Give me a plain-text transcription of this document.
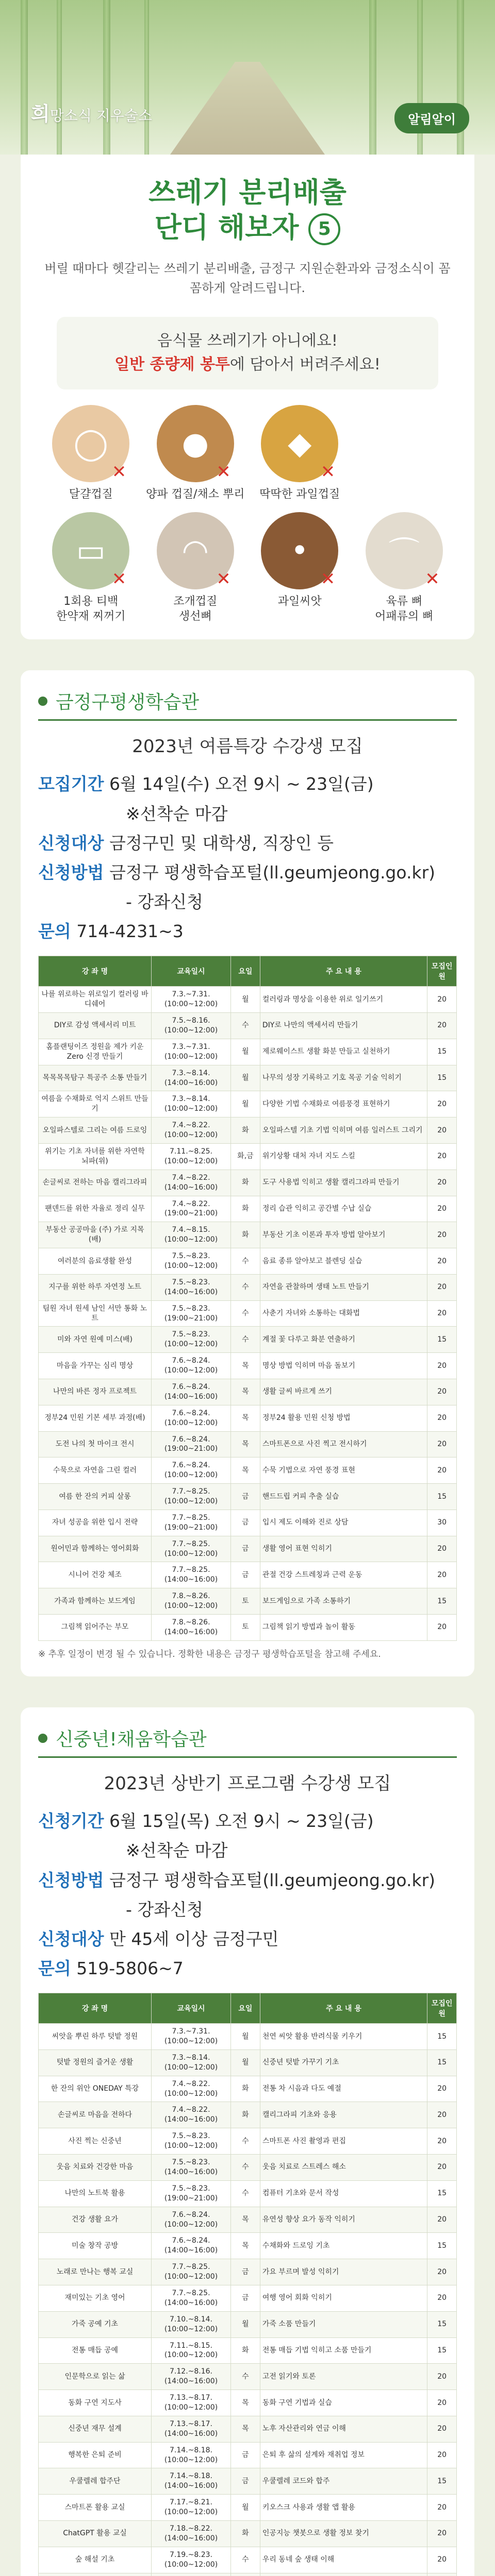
희망소식 지우술소	알림알이
쓰레기 분리배출
단디 해보자 5

버릴 때마다 헷갈리는 쓰레기 분리배출, 금정구 지원순환과와 금정소식이 꼼꼼하게 알려드립니다.

음식물 쓰레기가 아니에요!

일반 종량제 봉투에 담아서 버려주세요!

◯ ✕
달걀껍질
● ✕
양파 껍질/채소 뿌리
◆ ✕
딱딱한 과일껍질
▭ ✕
1회용 티백
한약재 찌꺼기
◠ ✕
조개껍질
생선뼈
• ✕
과일씨앗
⌒ ✕
육류 뼈
어패류의 뼈
금정구평생학습관
2023년 여름특강 수강생 모집

모집기간 6월 14일(수) 오전 9시 ~ 23일(금)

※선착순 마감

신청대상 금정구민 및 대학생, 직장인 등

신청방법 금정구 평생학습포털(ll.geumjeong.go.kr)

- 강좌신청

문의 714-4231~3

강 좌 명	교육일시	요일	주 요 내 용	모집인원
나를 위로하는 위로일기 컬러링 바디쉐어	7.3.~7.31.(10:00~12:00)	월	컬러링과 명상을 이용한 위로 일기쓰기	20
DIY로 감성 액세서리 미트	7.5.~8.16.(10:00~12:00)	수	DIY로 나만의 액세서리 만들기	20
홈플랜팅이즈 정원을 제가 키운 Zero 신경 만들기	7.3.~7.31.(10:00~12:00)	월	제로웨이스트 생활 화분 만들고 실천하기	15
목목목목탐구 특공주 소통 만들기	7.3.~8.14.(14:00~16:00)	월	나무의 성장 기록하고 기호 목공 기술 익히기	15
여름을 수채화로 억지 스위트 만들기	7.3.~8.14.(10:00~12:00)	월	다양한 기법 수채화로 여름풍경 표현하기	20
오일파스텔로 그리는 여름 드로잉	7.4.~8.22.(10:00~12:00)	화	오일파스텔 기초 기법 익히며 여름 일러스트 그리기	20
위기는 기초 자녀를 위한 자연학 뇌파(위)	7.11.~8.25.(10:00~12:00)	화,금	위기상황 대처 자녀 지도 스킬	20
손글씨로 전하는 마음 캘리그라피	7.4.~8.22.(14:00~16:00)	화	도구 사용법 익히고 생활 캘리그라피 만들기	20
팬덴드를 위한 자율로 정리 실무	7.4.~8.22.(19:00~21:00)	화	정리 습관 익히고 공간별 수납 실습	20
부동산 공공마을 (주) 가로 지목(배)	7.4.~8.15.(10:00~12:00)	화	부동산 기초 이론과 투자 방법 알아보기	20
여러분의 음료생활 완성	7.5.~8.23.(10:00~12:00)	수	음료 종류 알아보고 블렌딩 실습	20
지구를 위한 하루 자연정 노트	7.5.~8.23.(14:00~16:00)	수	자연을 관찰하며 생태 노트 만들기	20
팀원 자녀 원세 남인 서만 통화 노트	7.5.~8.23.(19:00~21:00)	수	사춘기 자녀와 소통하는 대화법	20
미와 자연 원예 미스(배)	7.5.~8.23.(10:00~12:00)	수	계절 꽃 다루고 화분 연출하기	15
마음을 가꾸는 심리 명상	7.6.~8.24.(10:00~12:00)	목	명상 방법 익히며 마음 돌보기	20
나만의 바른 정자 프로젝트	7.6.~8.24.(14:00~16:00)	목	생활 글씨 바르게 쓰기	20
정부24 민원 기본 세부 과정(배)	7.6.~8.24.(10:00~12:00)	목	정부24 활용 민원 신청 방법	20
도전 나의 첫 마이크 전시	7.6.~8.24.(19:00~21:00)	목	스마트폰으로 사진 찍고 전시하기	20
수묵으로 자연을 그린 컬러	7.6.~8.24.(10:00~12:00)	목	수묵 기법으로 자연 풍경 표현	20
여름 한 잔의 커피 살롱	7.7.~8.25.(10:00~12:00)	금	핸드드립 커피 추출 실습	15
자녀 성공을 위한 입시 전략	7.7.~8.25.(19:00~21:00)	금	입시 제도 이해와 진로 상담	30
원어민과 함께하는 영어회화	7.7.~8.25.(10:00~12:00)	금	생활 영어 표현 익히기	20
시니어 건강 체조	7.7.~8.25.(14:00~16:00)	금	관절 건강 스트레칭과 근력 운동	20
가족과 함께하는 보드게임	7.8.~8.26.(10:00~12:00)	토	보드게임으로 가족 소통하기	15
그림책 읽어주는 부모	7.8.~8.26.(14:00~16:00)	토	그림책 읽기 방법과 놀이 활동	20
※ 추후 일정이 변경 될 수 있습니다. 정확한 내용은 금정구 평생학습포털을 참고해 주세요.
신중년!채움학습관
2023년 상반기 프로그램 수강생 모집

신청기간 6월 15일(목) 오전 9시 ~ 23일(금)

※선착순 마감

신청방법 금정구 평생학습포털(ll.geumjeong.go.kr)

- 강좌신청

신청대상 만 45세 이상 금정구민

문의 519-5806~7

강 좌 명	교육일시	요일	주 요 내 용	모집인원
씨앗을 뿌린 하루 텃밭 정원	7.3.~7.31.(10:00~12:00)	월	천연 씨앗 활용 반려식물 키우기	15
텃밭 정원의 즐거운 생활	7.3.~8.14.(10:00~12:00)	월	신중년 텃밭 가꾸기 기초	15
한 잔의 위안 ONEDAY 특강	7.4.~8.22.(10:00~12:00)	화	전통 차 시음과 다도 예절	20
손글씨로 마음을 전하다	7.4.~8.22.(14:00~16:00)	화	캘리그라피 기초와 응용	20
사진 찍는 신중년	7.5.~8.23.(10:00~12:00)	수	스마트폰 사진 촬영과 편집	20
웃음 치료와 건강한 마음	7.5.~8.23.(14:00~16:00)	수	웃음 치료로 스트레스 해소	20
나만의 노트북 활용	7.5.~8.23.(19:00~21:00)	수	컴퓨터 기초와 문서 작성	15
건강 생활 요가	7.6.~8.24.(10:00~12:00)	목	유연성 향상 요가 동작 익히기	20
미술 창작 공방	7.6.~8.24.(14:00~16:00)	목	수채화와 드로잉 기초	15
노래로 만나는 행복 교실	7.7.~8.25.(10:00~12:00)	금	가요 부르며 발성 익히기	20
재미있는 기초 영어	7.7.~8.25.(14:00~16:00)	금	여행 영어 회화 익히기	20
가죽 공예 기초	7.10.~8.14.(10:00~12:00)	월	가죽 소품 만들기	15
전통 매듭 공예	7.11.~8.15.(10:00~12:00)	화	전통 매듭 기법 익히고 소품 만들기	15
인문학으로 읽는 삶	7.12.~8.16.(14:00~16:00)	수	고전 읽기와 토론	20
동화 구연 지도사	7.13.~8.17.(10:00~12:00)	목	동화 구연 기법과 실습	20
신중년 재무 설계	7.13.~8.17.(14:00~16:00)	목	노후 자산관리와 연금 이해	20
행복한 은퇴 준비	7.14.~8.18.(10:00~12:00)	금	은퇴 후 삶의 설계와 재취업 정보	20
우쿨렐레 합주단	7.14.~8.18.(14:00~16:00)	금	우쿨렐레 코드와 합주	15
스마트폰 활용 교실	7.17.~8.21.(10:00~12:00)	월	키오스크 사용과 생활 앱 활용	20
ChatGPT 활용 교실	7.18.~8.22.(14:00~16:00)	화	인공지능 챗봇으로 생활 정보 찾기	20
숲 해설 기초	7.19.~8.23.(10:00~12:00)	수	우리 동네 숲 생태 이해	20
